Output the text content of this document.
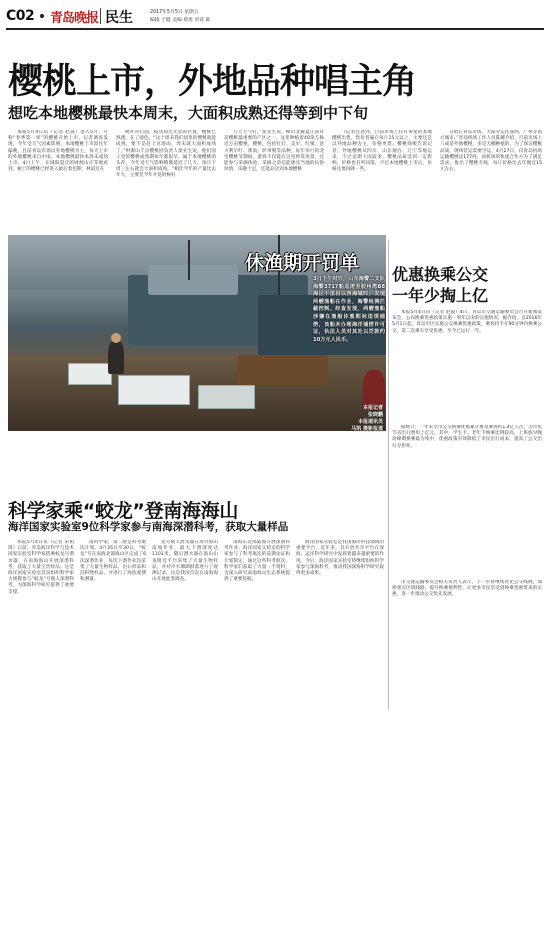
C02 青岛晚报 民生	2017年5月5日 星期五
编辑 于健 美编 蔡勇 审读 陈
樱桃上市，外地品种唱主角
想吃本地樱桃最快本周末，大面积成熟还得等到中下旬

本报5月4日讯（记者 赵波）进入5月，号称“春季第一果”的樱桃开始上市，记者调查发现，今年受天气因素影响，本地樱桃上市较往年偏晚，目前青岛市场以外地樱桃为主，每天上市的外地樱桃来自中南，本地樱桃最快本周末成熟上市。4日上午，在城阳夏庄的财源山庄等地看到，树上的樱桃已经进入最后着色期，林道还在

树叶背后面，枝丛间光光显的位置，樱桃已熟透，在了颜色。“这个周末我们园里的樱桃就能成熟，要不是赶上这场雨，周末就大面积成熟了。”财源山千亩樱桃园负责人栾先生说，他们园子里的樱桃成熟期每年都很早，属于本地樱桃的头茬，今年受天气影响稍微延迟了几天，预计下周三左右就会大面积成熟。“相比今年的产量比去年大，主要是今年开花时候好

几天天气好。”栾先生说。峰山北麓夏庄南青岛樱桃最重要的产区之一，这里种植着40余万株近万亩樱桃，樱桃、包括红灯、美早、红蜜、意大利早红、那翁、萨米脱等品种，每年举行的北宅樱桃节期间，游客不仅能在这里欣赏风景，还能参与采摘体验，采摘之余还能感受当地的民俗风情，乐趣十足，还能品尝到本地樱桃

（记者注意到，目前市场上仅有零星的本地樱桃出售，售价普遍在每斤15元以上，主要还是以外地品种为主，价格更贵。樱桃商贩告诉记者，外地樱桃从四川、山东烟台、辽宁等地运来，不过近期下雨较多，樱桃品质受到一定影响，价格也有所回落，不过本地樱桃上市后，价格还要再降一些。

分销在青岛市场，大部分运往深圳、广州等南方城市。”青岛机场工作人员陈耀介绍，目前市场上八成是外地樱桃，多是大棚种植的，为了保证樱桃品质，现场装运需要空运，4月27日，仅青岛机场运输樱桃达177吨，而机场的快递合作方为了满足需求，推出了樱桃专线，每斤价格比去年便宜15元左右。

休渔期开罚单
3日下午时许，山东海警二支队海警3717船巡逻至胶州湾B8海区干里岩以西海域时，发现两艘渔船在作业，海警检测拦截控制。经查发现，两艘渔船涉嫌在渔船休渔期间违规捕捞，该船未办理海洋捕捞许可证，执法人员对其处以罚款约10万元人民币。
本报记者
张晓鹏
本报通讯员
马凯 摄影报道
科学家乘“蛟龙”登南海海山
海洋国家实验室9位科学家参与南海深潜科考，获取大量样品

本报5月4日讯（记者 宋祖锋）日前，青岛海洋科学与技术国家实验室科学家搭乘蛟龙号潜水器，在南海海山开展深潜科考，获取了大量宝贵样品。这是海洋国家实验室首次组织科学家大规模参与“蛟龙”号载人深潜科考，为深海科学研究提供了重要支撑。

南科学家，第二批是科考航次计划。4月26日至30日，“蛟龙”号在南海北部海山区完成了6次深潜作业，每次下潜作业均采集了大量生物样品、岩石样品和沉积物样品，并进行了海底观测和测量。

龙号载人潜水器在珍贝海山南坡作业，最大下潜深度达1101米。随后潜水器在海山山顶附近平台采集了大量生物样品，并对冷水珊瑚群落进行了观测记录，这是我国首次在南海海山开展此类调查。

南海东北部陆坡开展深潜科考作业。海洋国家实验室的科学家参与了科考航次的前期论证和计划制定，通过这些科考航次，科学家们获取了大量一手资料，为深入研究南海海山生态系统提供了重要依据。

海洋国家实验室是我国海洋科技领域的重要平台，近年来，其开放共享平台在深海、远洋科学研究中发挥着越来越重要的作用。今后，海洋国家实验室将继续组织科学家参与深海科考，推动我国深海科学研究取得更多成果。

优惠换乘公交
一年少掏上亿

本报5月4日讯（记者 赵波）4日，青岛市交通运输委员会召开新闻发布会，公布换乘优惠政策实施一周年以来的实施情况。据介绍，自2016年5月1日起，青岛市区实施公交换乘优惠政策，乘客持卡在90分钟内换乘公交，第二次乘车享受优惠，至今已运行一年。

据统计，一年来全市公交换乘优惠累计惠及乘客约1.4亿人次，为市民节省出行费用上亿元。其中，学生卡、老年卡换乘比例较高，上班族早晚高峰期换乘最为集中，优惠政策有效降低了市民出行成本，提高了公交出行分担率。

市交通运输委员会相关负责人表示，下一步将继续优化公交线网，加密重点区域线路，提升换乘便利性，让更多市民享受到换乘优惠带来的实惠，进一步推动公交优先发展。
